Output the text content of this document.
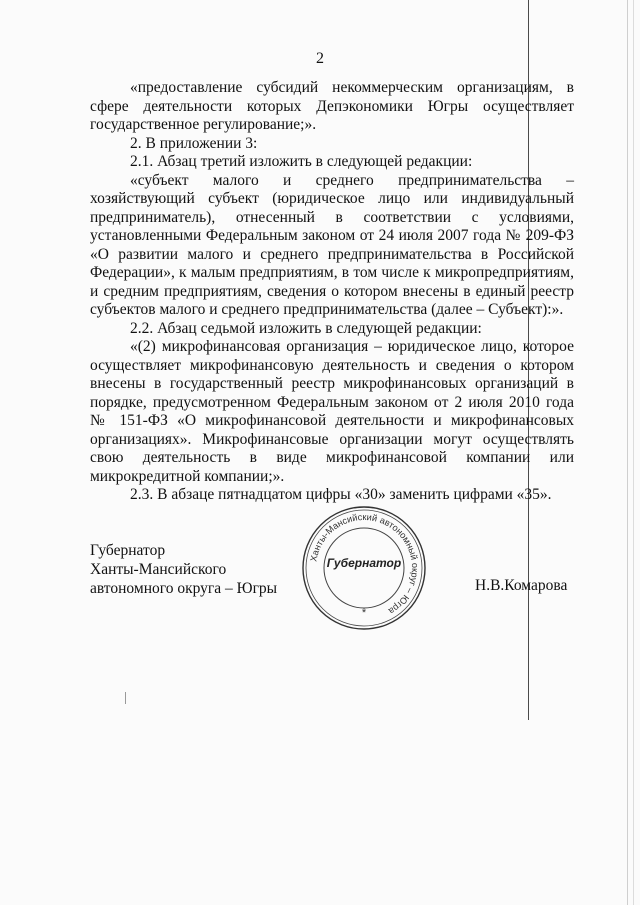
2

«предоставление субсидий некоммерческим организациям, в сфере деятельности которых Депэкономики Югры осуществляет государственное регулирование;».

2. В приложении 3:

2.1. Абзац третий изложить в следующей редакции:

«субъект малого и среднего предпринимательства – хозяйствующий субъект (юридическое лицо или индивидуальный предприниматель), отнесенный в соответствии с условиями, установленными Федеральным законом от 24 июля 2007 года № 209-ФЗ «О развитии малого и среднего предпринимательства в Российской Федерации», к малым предприятиям, в том числе к микропредприятиям, и средним предприятиям, сведения о котором внесены в единый реестр субъектов малого и среднего предпринимательства (далее – Субъект):».

2.2. Абзац седьмой изложить в следующей редакции:

«(2) микрофинансовая организация – юридическое лицо, которое осуществляет микрофинансовую деятельность и сведения о котором внесены в государственный реестр микрофинансовых организаций в порядке, предусмотренном Федеральным законом от 2 июля 2010 года № 151-ФЗ «О микрофинансовой деятельности и микрофинансовых организациях». Микрофинансовые организации могут осуществлять свою деятельность в виде микрофинансовой компании или микрокредитной компании;».

2.3. В абзаце пятнадцатом цифры «30» заменить цифрами «35».

Губернатор
Ханты-Мансийского
автономного округа – Югры
Ханты-Мансийский автономный округ – Югра
Губернатор
*
Н.В.Комарова
